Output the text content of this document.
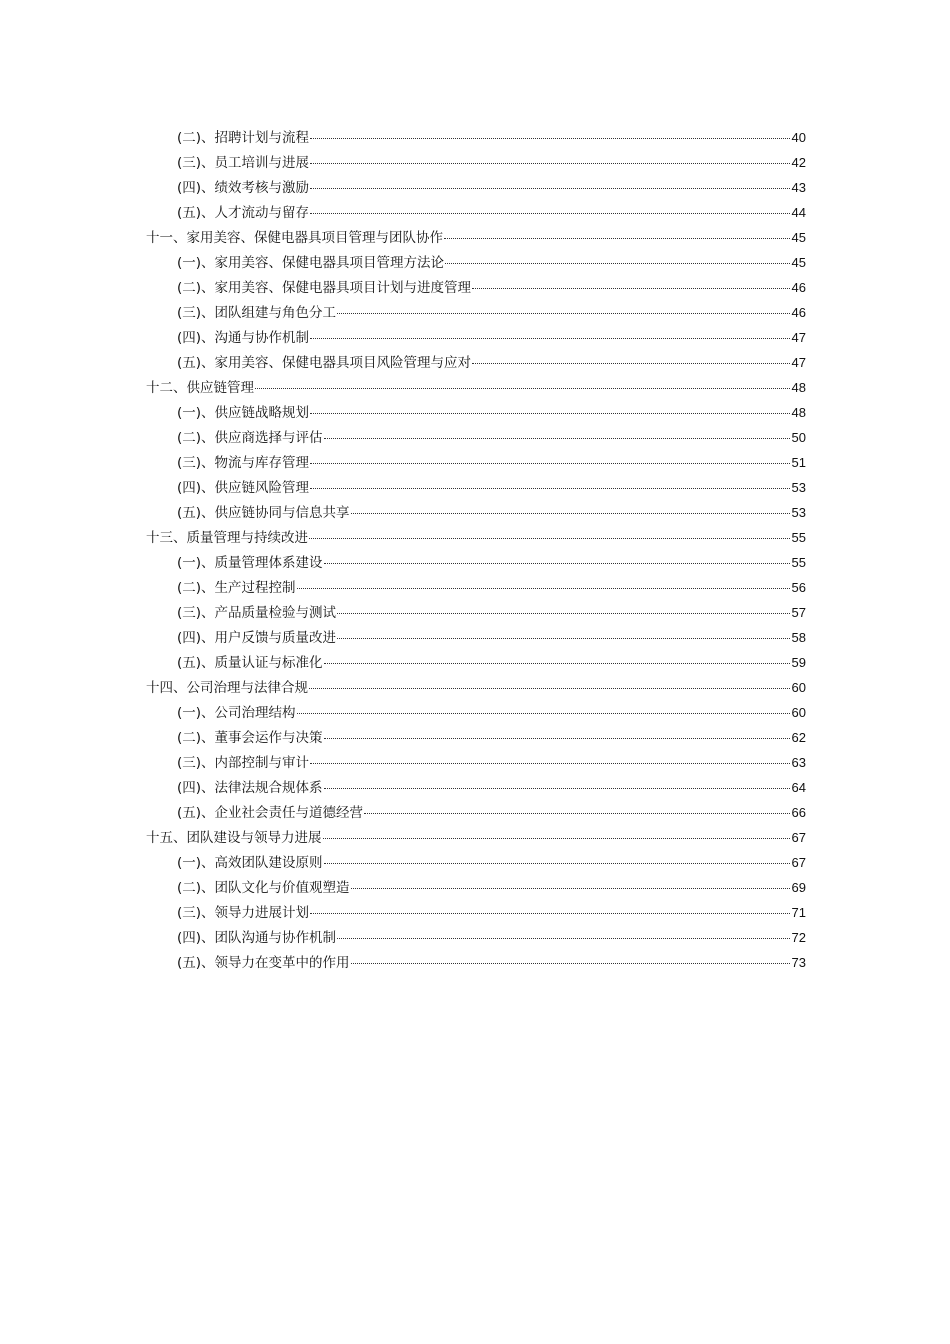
(二)、招聘计划与流程	40
(三)、员工培训与进展	42
(四)、绩效考核与激励	43
(五)、人才流动与留存	44
十一、家用美容、保健电器具项目管理与团队协作	45
(一)、家用美容、保健电器具项目管理方法论	45
(二)、家用美容、保健电器具项目计划与进度管理	46
(三)、团队组建与角色分工	46
(四)、沟通与协作机制	47
(五)、家用美容、保健电器具项目风险管理与应对	47
十二、供应链管理	48
(一)、供应链战略规划	48
(二)、供应商选择与评估	50
(三)、物流与库存管理	51
(四)、供应链风险管理	53
(五)、供应链协同与信息共享	53
十三、质量管理与持续改进	55
(一)、质量管理体系建设	55
(二)、生产过程控制	56
(三)、产品质量检验与测试	57
(四)、用户反馈与质量改进	58
(五)、质量认证与标准化	59
十四、公司治理与法律合规	60
(一)、公司治理结构	60
(二)、董事会运作与决策	62
(三)、内部控制与审计	63
(四)、法律法规合规体系	64
(五)、企业社会责任与道德经营	66
十五、团队建设与领导力进展	67
(一)、高效团队建设原则	67
(二)、团队文化与价值观塑造	69
(三)、领导力进展计划	71
(四)、团队沟通与协作机制	72
(五)、领导力在变革中的作用	73
